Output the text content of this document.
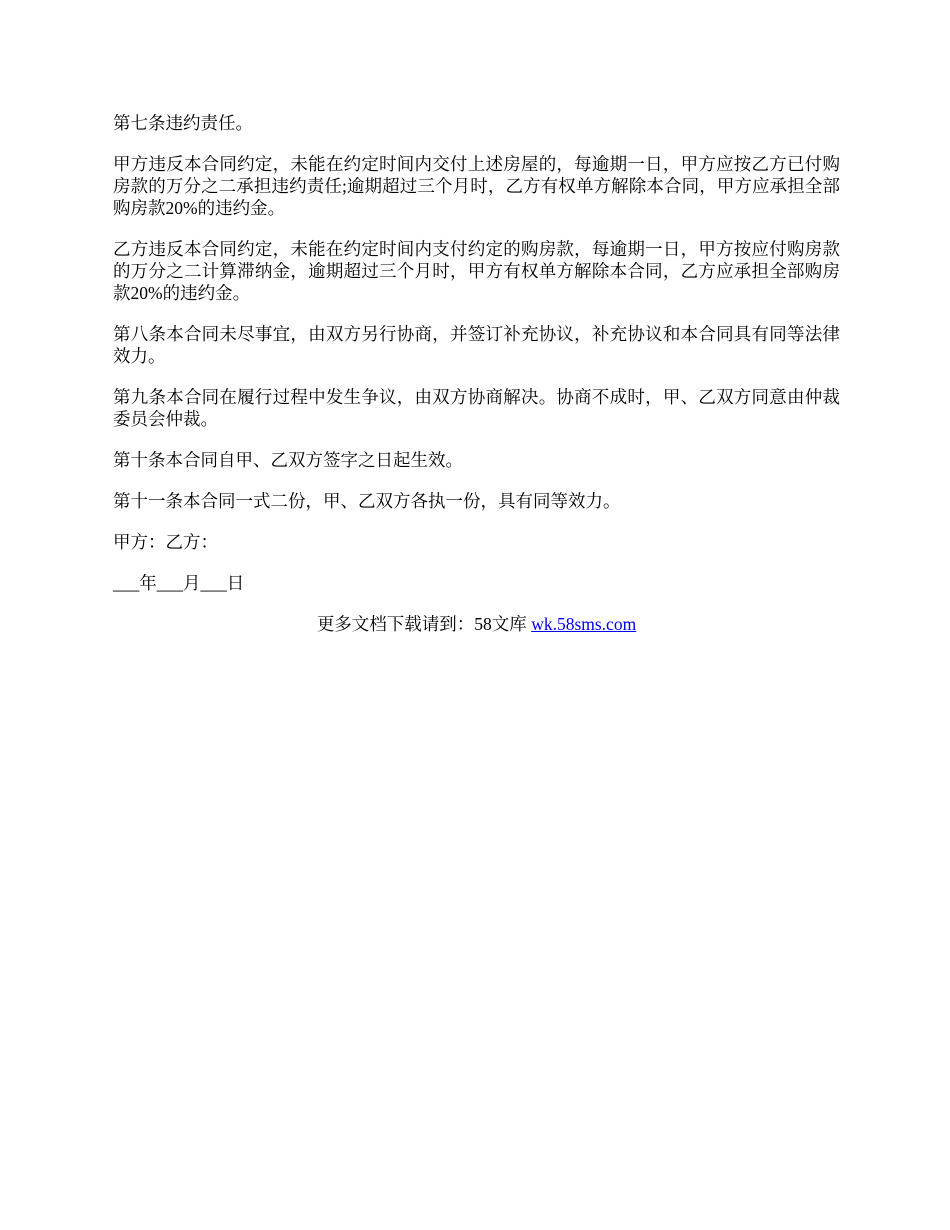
第七条违约责任。

甲方违反本合同约定，未能在约定时间内交付上述房屋的，每逾期一日，甲方应按乙方已付购房款的万分之二承担违约责任;逾期超过三个月时，乙方有权单方解除本合同，甲方应承担全部购房款20%的违约金。

乙方违反本合同约定，未能在约定时间内支付约定的购房款，每逾期一日，甲方按应付购房款的万分之二计算滞纳金，逾期超过三个月时，甲方有权单方解除本合同，乙方应承担全部购房款20%的违约金。

第八条本合同未尽事宜，由双方另行协商，并签订补充协议，补充协议和本合同具有同等法律效力。

第九条本合同在履行过程中发生争议，由双方协商解决。协商不成时，甲、乙双方同意由仲裁委员会仲裁。

第十条本合同自甲、乙双方签字之日起生效。

第十一条本合同一式二份，甲、乙双方各执一份，具有同等效力。

甲方：乙方：

___年___月___日

更多文档下载请到：58文库 wk.58sms.com
